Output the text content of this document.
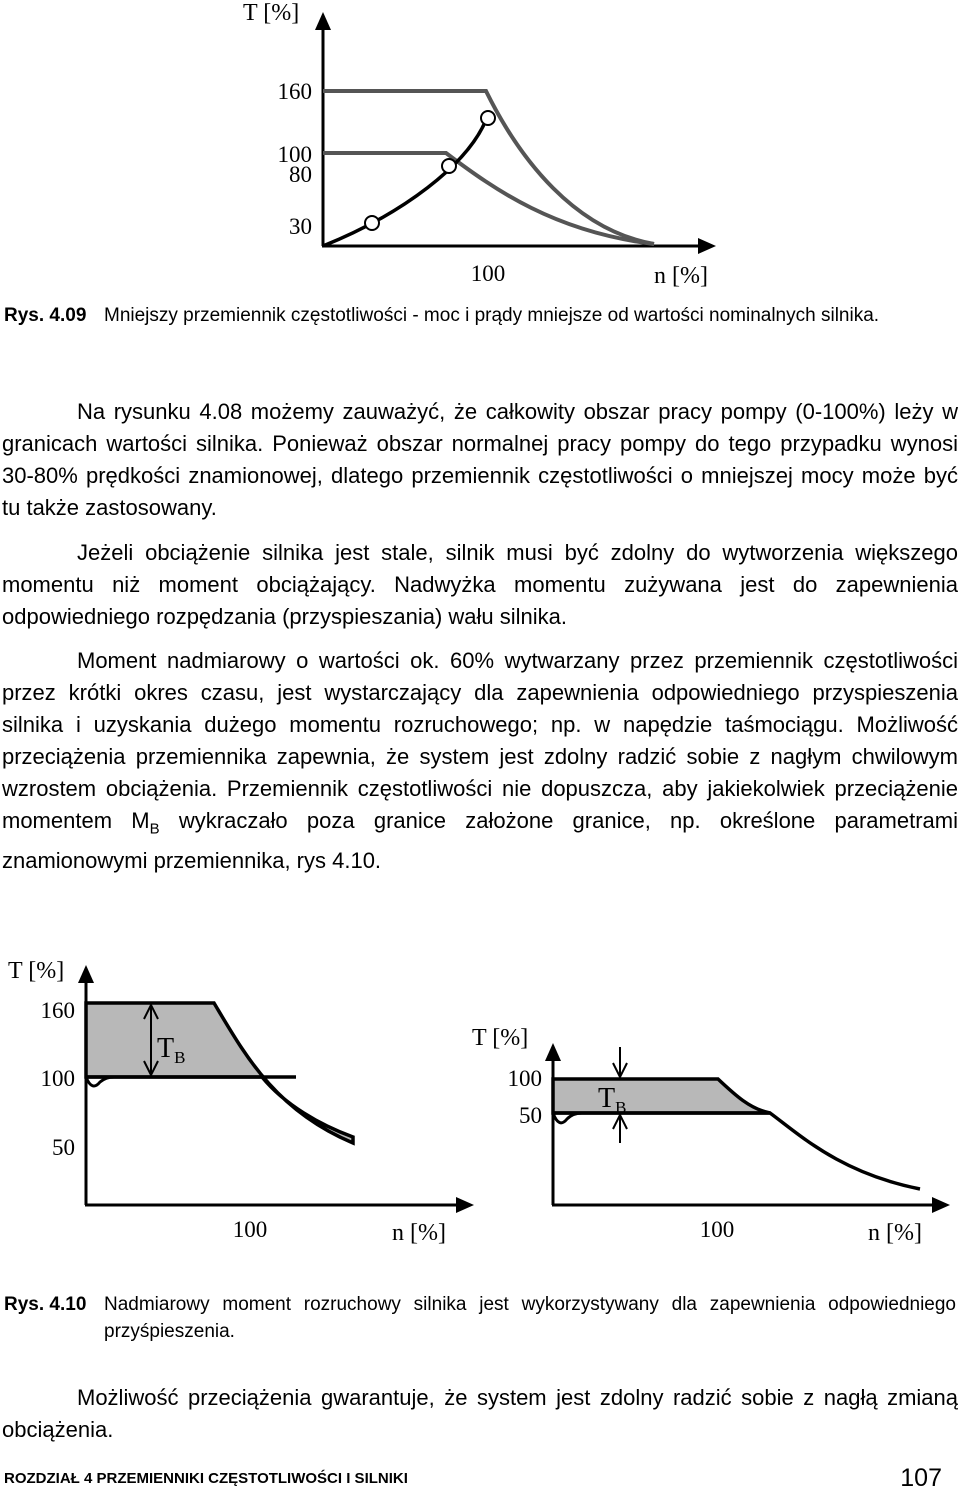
T [%]
n [%]
160
100
80
30
100
Rys. 4.09 Mniejszy przemiennik częstotliwości - moc i prądy mniejsze od wartości nominalnych silnika.
Na rysunku 4.08 możemy zauważyć, że całkowity obszar pracy pompy (0-100%) leży w granicach wartości silnika. Ponieważ obszar normalnej pracy pompy do tego przypadku wynosi 30-80% prędkości znamionowej, dlatego przemiennik częstotliwości o mniejszej mocy może być tu także zastosowany.
Jeżeli obciążenie silnika jest stale, silnik musi być zdolny do wytworzenia większego momentu niż moment obciążający. Nadwyżka momentu zużywana jest do zapewnienia odpowiedniego rozpędzania (przyspieszania) wału silnika.
Moment nadmiarowy o wartości ok. 60% wytwarzany przez przemiennik częstotliwości przez krótki okres czasu, jest wystarczający dla zapewnienia odpowiedniego przyspieszenia silnika i uzyskania dużego momentu rozruchowego; np. w napędzie taśmociągu. Możliwość przeciążenia przemiennika zapewnia, że system jest zdolny radzić sobie z nagłym chwilowym wzrostem obciążenia. Przemiennik częstotliwości nie dopuszcza, aby jakiekolwiek przeciążenie momentem $M_B$ wykraczało poza granice założone granice, np. określone parametrami znamionowymi przemiennika, rys 4.10.
T [%]
n [%]
160
100
50
100
$T_B$
T [%]
n [%]
100
50
100
$T_B$
Rys. 4.10 Nadmiarowy moment rozruchowy silnika jest wykorzystywany dla zapewnienia odpowiedniego przyśpieszenia.
Możliwość przeciążenia gwarantuje, że system jest zdolny radzić sobie z nagłą zmianą obciążenia.
ROZDZIAŁ 4 PRZEMIENNIKI CZĘSTOTLIWOŚCI I SILNIKI	107
